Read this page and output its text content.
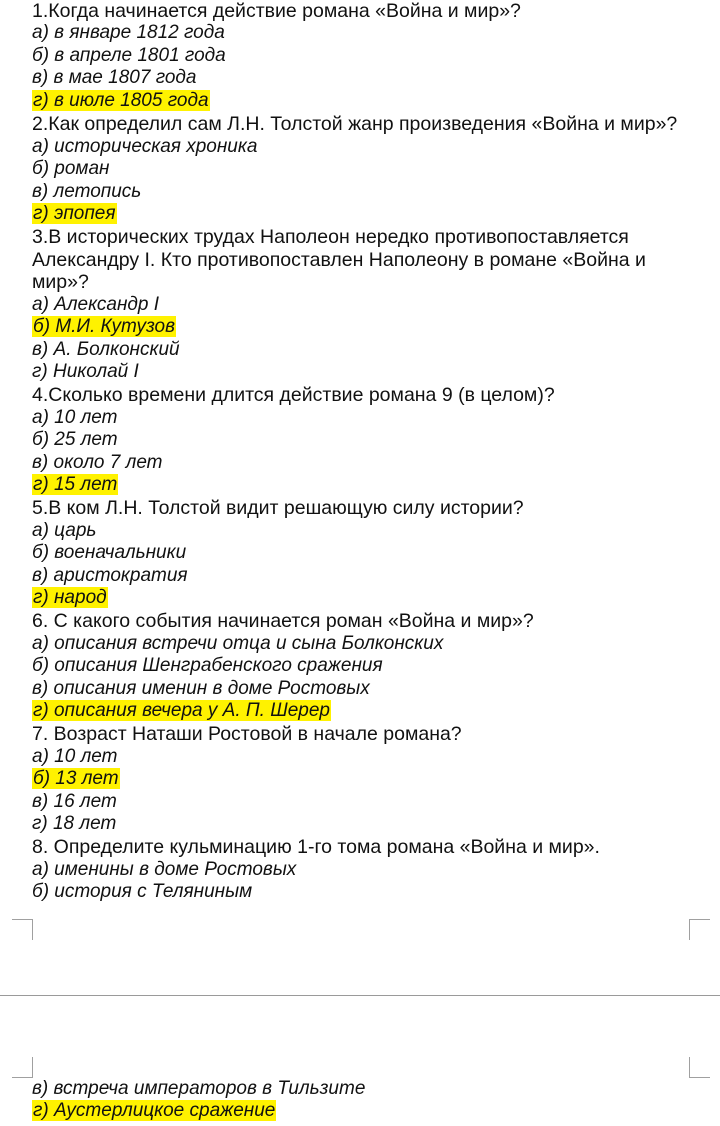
1.Когда начинается действие романа «Война и мир»?
а) в январе 1812 года
б) в апреле 1801 года
в) в мае 1807 года
г) в июле 1805 года
2.Как определил сам Л.Н. Толстой жанр произведения «Война и мир»?
а) историческая хроника
б) роман
в) летопись
г) эпопея
3.В исторических трудах Наполеон нередко противопоставляется
Александру I. Кто противопоставлен Наполеону в романе «Война и
мир»?
а) Александр I
б) М.И. Кутузов
в) А. Болконский
г) Николай I
4.Сколько времени длится действие романа 9 (в целом)?
а) 10 лет
б) 25 лет
в) около 7 лет
г) 15 лет
5.В ком Л.Н. Толстой видит решающую силу истории?
а) царь
б) военачальники
в) аристократия
г) народ
6. С какого события начинается роман «Война и мир»?
а) описания встречи отца и сына Болконских
б) описания Шенграбенского сражения
в) описания именин в доме Ростовых
г) описания вечера у А. П. Шерер
7. Возраст Наташи Ростовой в начале романа?
а) 10 лет
б) 13 лет
в) 16 лет
г) 18 лет
8. Определите кульминацию 1-го тома романа «Война и мир».
а) именины в доме Ростовых
б) история с Теляниным
в) встреча императоров в Тильзите
г) Аустерлицкое сражение
